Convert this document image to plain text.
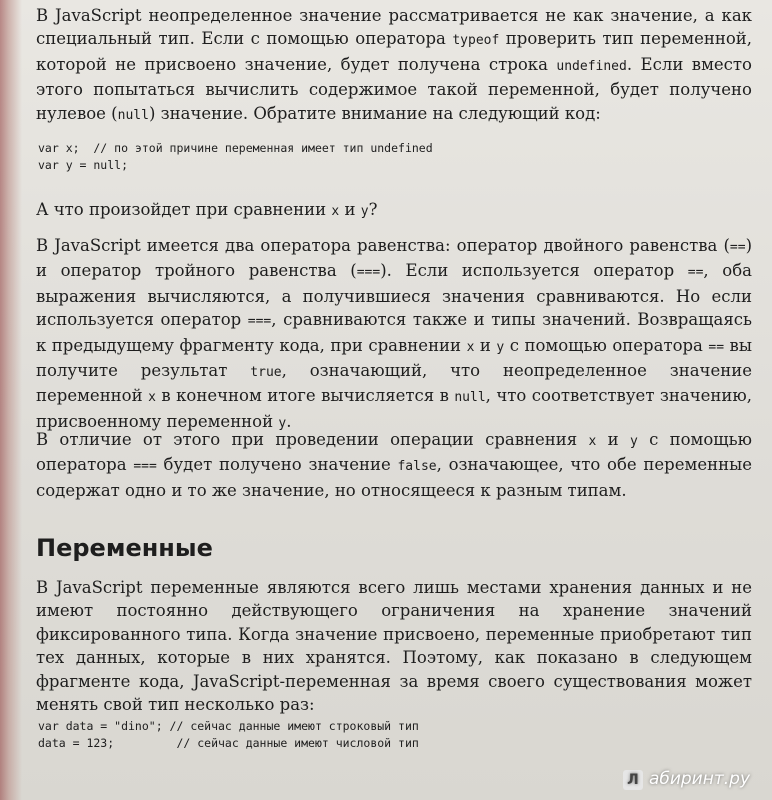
В JavaScript неопределенное значение рассматривается не как значение, а как специальный тип. Если с помощью оператора typeof проверить тип переменной, которой не присвоено значение, будет получена строка undefined. Если вместо этого попытаться вычислить содержимое такой переменной, будет получено нулевое (null) значение. Обратите внимание на следующий код:

var x;  // по этой причине переменная имеет тип undefined
var y = null;
А что произойдет при сравнении x и y?

В JavaScript имеется два оператора равенства: оператор двойного равенства (==) и оператор тройного равенства (===). Если используется оператор ==, оба выражения вычисляются, а получившиеся значения сравниваются. Но если используется оператор ===, сравниваются также и типы значений. Возвращаясь к предыдущему фрагменту кода, при сравнении x и y с помощью оператора == вы получите результат true, означающий, что неопределенное значение переменной x в конечном итоге вычисляется в null, что соответствует значению, присвоенному переменной y.

В отличие от этого при проведении операции сравнения x и y с помощью оператора === будет получено значение false, означающее, что обе переменные содержат одно и то же значение, но относящееся к разным типам.

Переменные

В JavaScript переменные являются всего лишь местами хранения данных и не имеют постоянно действующего ограничения на хранение значений фиксированного типа. Когда значение присвоено, переменные приобретают тип тех данных, которые в них хранятся. Поэтому, как показано в следующем фрагменте кода, JavaScript-переменная за время своего существования может менять свой тип несколько раз:

var data = "dino"; // сейчас данные имеют строковый тип
data = 123;         // сейчас данные имеют числовой тип
Л абиринт.ру
